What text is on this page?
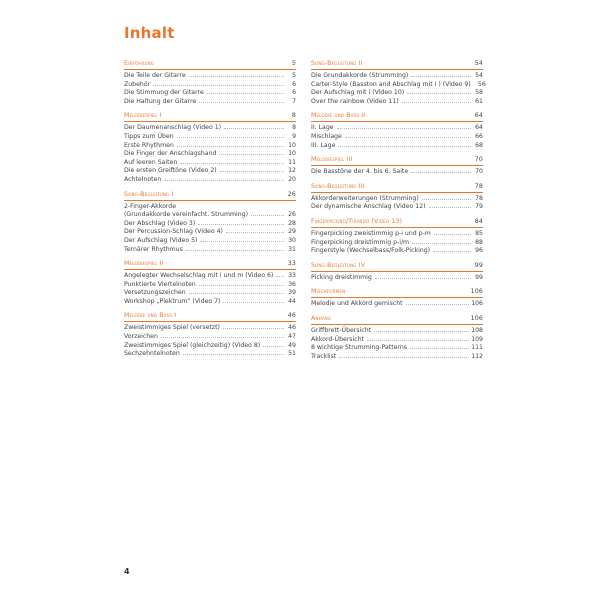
Inhalt
Einführung	5
Die Teile der Gitarre	5
Zubehör	6
Die Stimmung der Gitarre	6
Die Haltung der Gitarre	7
Melodiespiel I	8
Der Daumenanschlag (Video 1)	8
Tipps zum Üben	9
Erste Rhythmen	10
Die Finger der Anschlagshand	10
Auf leeren Saiten	11
Die ersten Greiftöne (Video 2)	12
Achtelnoten	20
Song-Begleitung I	26
2-Finger-Akkorde
(Grundakkorde vereinfacht, Strumming)	26
Der Abschlag (Video 3)	28
Der Percussion-Schlag (Video 4)	29
Der Aufschlag (Video 5)	30
Ternärer Rhythmus	31
Melodiespiel II	33
Angelegter Wechselschlag mit i und m (Video 6)	33
Punktierte Viertelnoten	36
Versetzungszeichen	39
Workshop „Plektrum“ (Video 7)	44
Melodie und Bass I	46
Zweistimmiges Spiel (versetzt)	46
Vorzeichen	47
Zweistimmiges Spiel (gleichzeitig) (Video 8)	49
Sechzehntelnoten	51
Song-Begleitung II	54
Die Grundakkorde (Strumming)	54
Carter-Style (Basston and Abschlag mit i ) (Video 9)	56
Der Aufschlag mit i (Video 10)	58
Over the rainbow (Video 11)	61
Melodie und Bass II	64
II. Lage	64
Mischlage	66
III. Lage	68
Melodiespiel III	70
Die Basstöne der 4. bis 6. Saite	70
Song-Begleitung III	78
Akkorderweiterungen (Strumming)	78
Der dynamische Anschlag (Video 12)	79
Fingerpicking/Tirando (Video 13)	84
Fingerpicking zweistimmig p-i und p-m	85
Fingerpicking dreistimmig p-i/m	88
Fingerstyle (Wechselbass/Folk-Picking)	96
Song-Begleitung IV	99
Picking dreistimmig	99
Mischformen	106
Melodie und Akkord gemischt	106
Anhang	106
Griffbrett-Übersicht	108
Akkord-Übersicht	109
8 wichtige Strumming-Patterns	111
Tracklist	112
4
